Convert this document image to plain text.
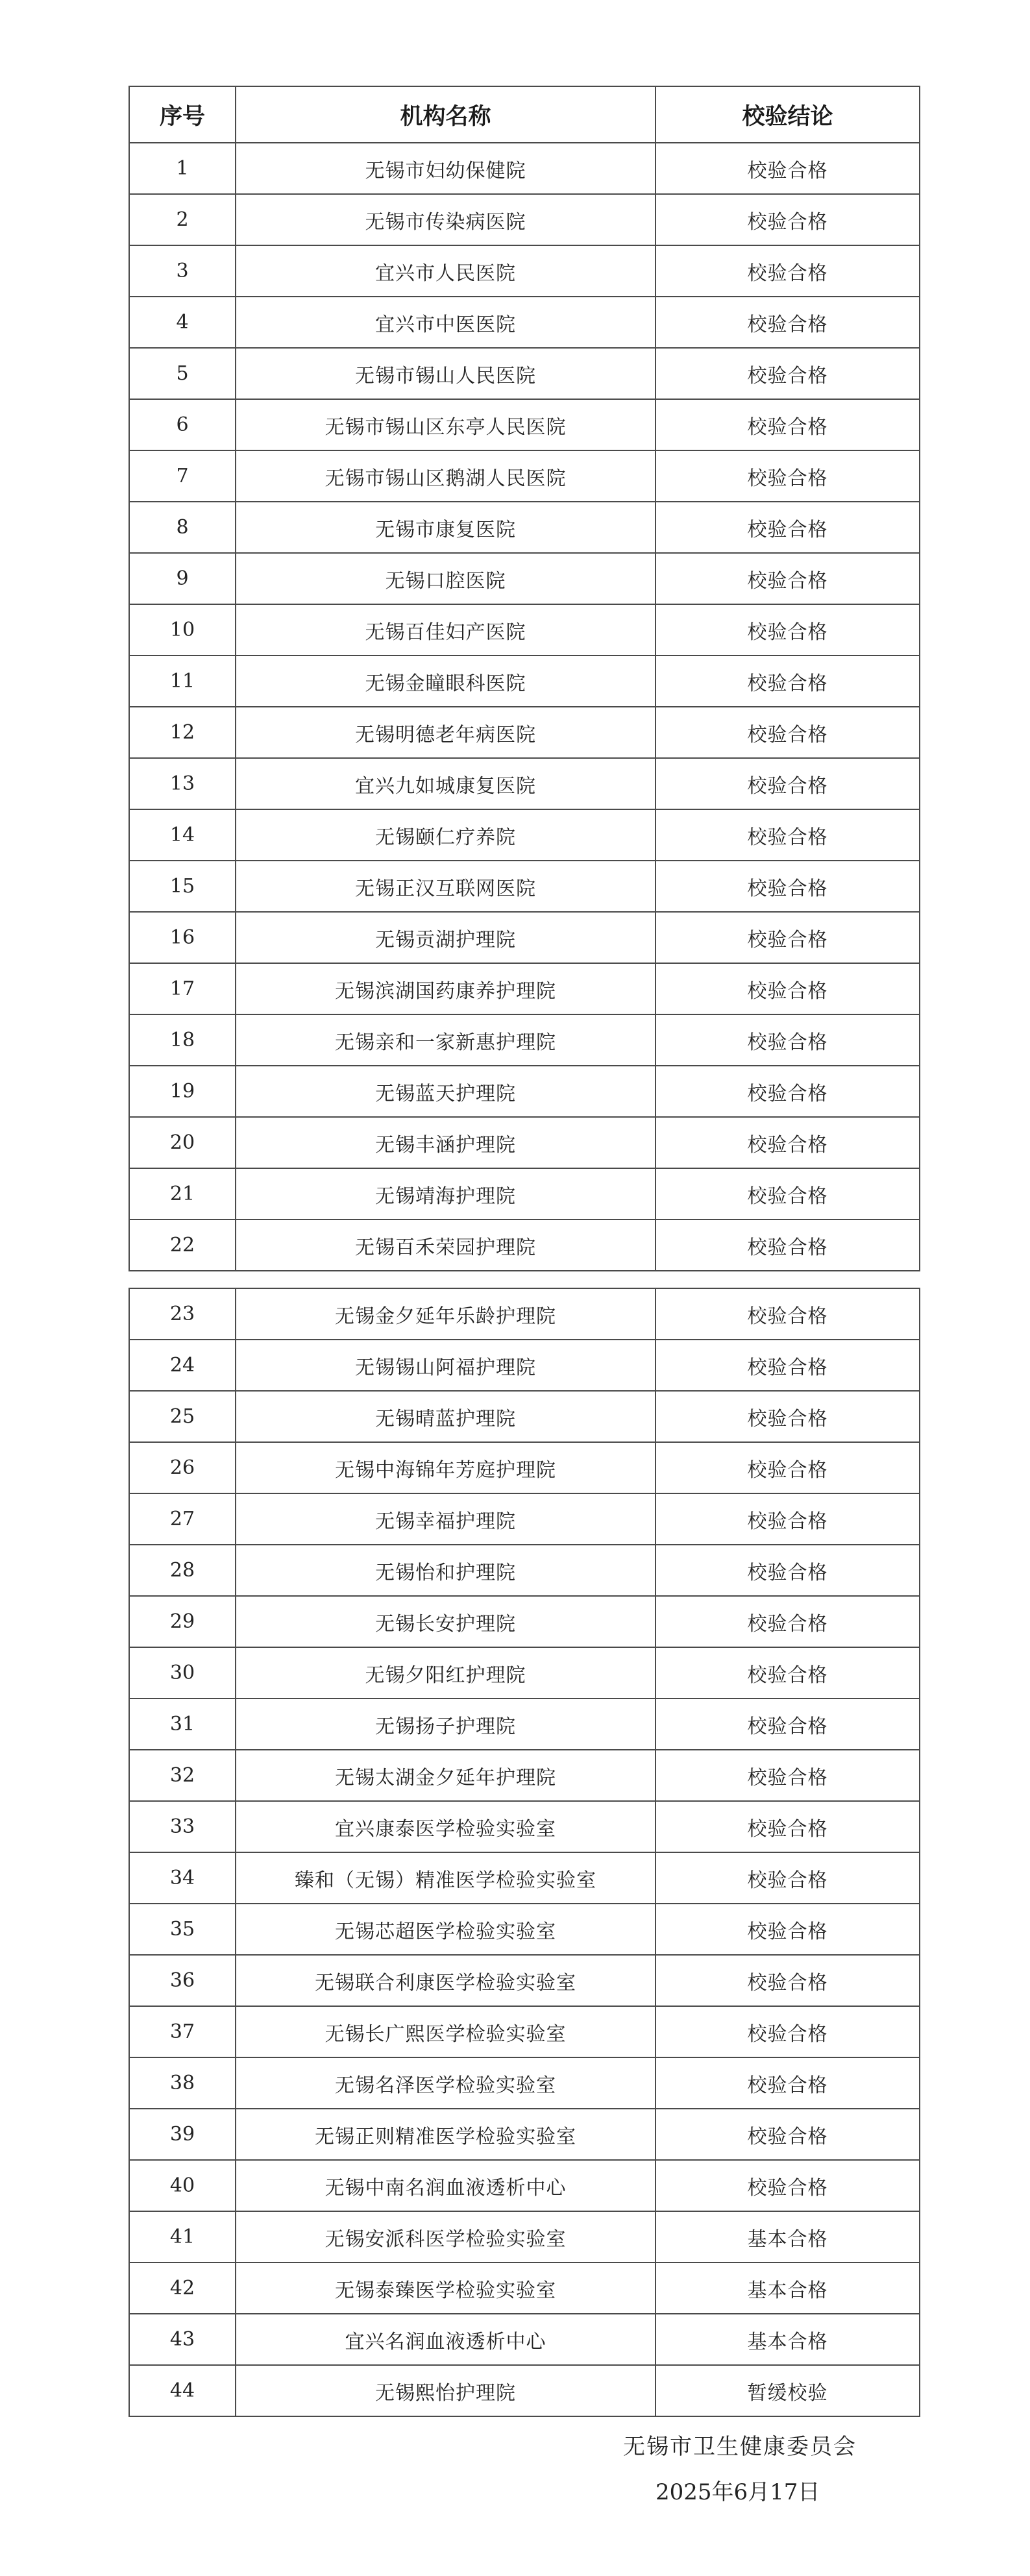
序号	机构名称	校验结论
1	无锡市妇幼保健院	校验合格
2	无锡市传染病医院	校验合格
3	宜兴市人民医院	校验合格
4	宜兴市中医医院	校验合格
5	无锡市锡山人民医院	校验合格
6	无锡市锡山区东亭人民医院	校验合格
7	无锡市锡山区鹅湖人民医院	校验合格
8	无锡市康复医院	校验合格
9	无锡口腔医院	校验合格
10	无锡百佳妇产医院	校验合格
11	无锡金瞳眼科医院	校验合格
12	无锡明德老年病医院	校验合格
13	宜兴九如城康复医院	校验合格
14	无锡颐仁疗养院	校验合格
15	无锡正汉互联网医院	校验合格
16	无锡贡湖护理院	校验合格
17	无锡滨湖国药康养护理院	校验合格
18	无锡亲和一家新惠护理院	校验合格
19	无锡蓝天护理院	校验合格
20	无锡丰涵护理院	校验合格
21	无锡靖海护理院	校验合格
22	无锡百禾荣园护理院	校验合格
23	无锡金夕延年乐龄护理院	校验合格
24	无锡锡山阿福护理院	校验合格
25	无锡晴蓝护理院	校验合格
26	无锡中海锦年芳庭护理院	校验合格
27	无锡幸福护理院	校验合格
28	无锡怡和护理院	校验合格
29	无锡长安护理院	校验合格
30	无锡夕阳红护理院	校验合格
31	无锡扬子护理院	校验合格
32	无锡太湖金夕延年护理院	校验合格
33	宜兴康泰医学检验实验室	校验合格
34	臻和（无锡）精准医学检验实验室	校验合格
35	无锡芯超医学检验实验室	校验合格
36	无锡联合利康医学检验实验室	校验合格
37	无锡长广熙医学检验实验室	校验合格
38	无锡名泽医学检验实验室	校验合格
39	无锡正则精准医学检验实验室	校验合格
40	无锡中南名润血液透析中心	校验合格
41	无锡安派科医学检验实验室	基本合格
42	无锡泰臻医学检验实验室	基本合格
43	宜兴名润血液透析中心	基本合格
44	无锡熙怡护理院	暂缓校验
无锡市卫生健康委员会
2025年6月17日
